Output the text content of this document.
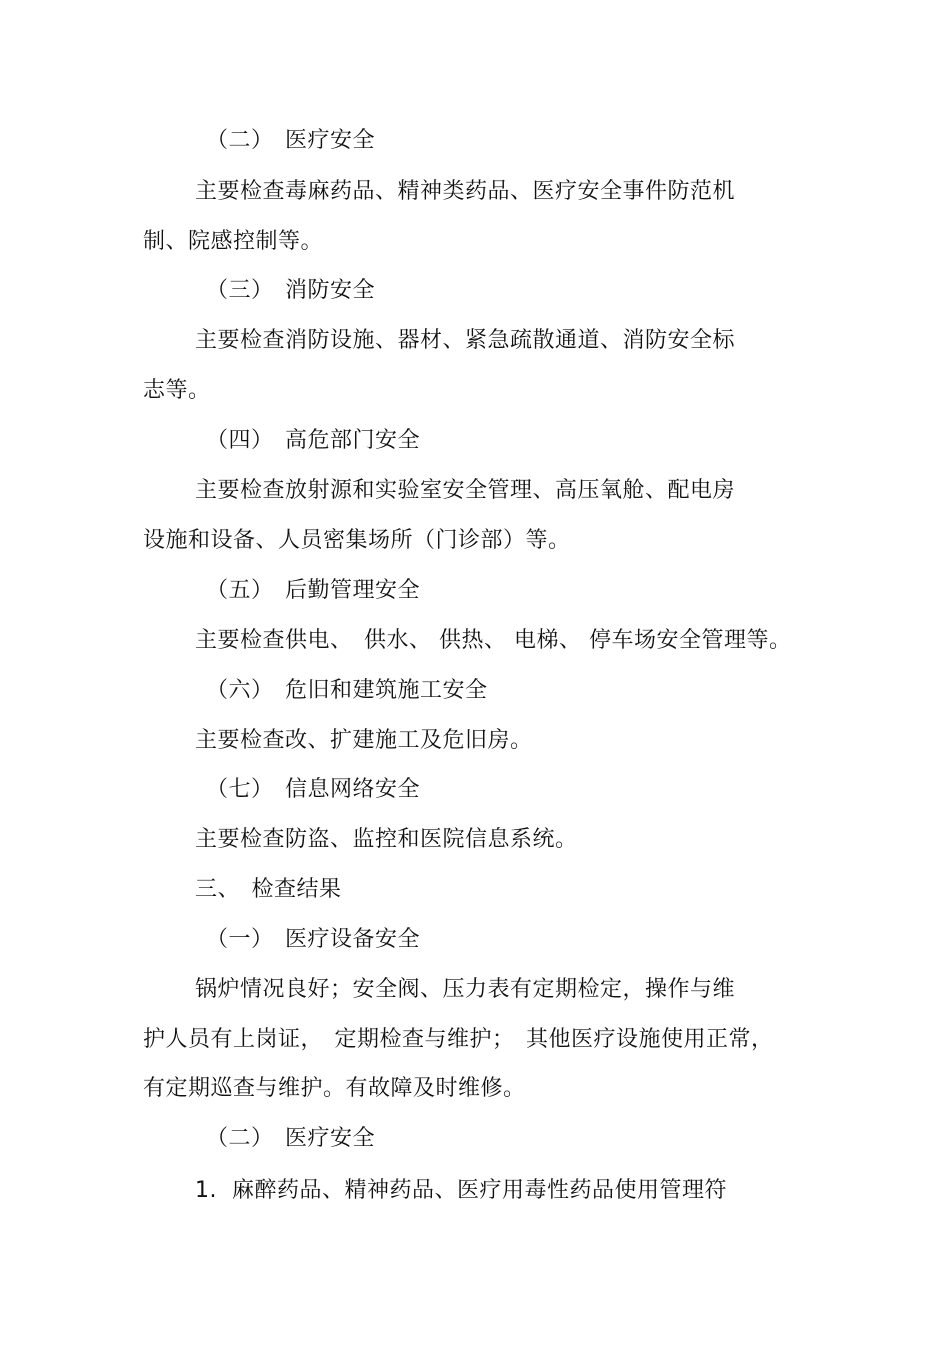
（二）　医疗安全
主要检查毒麻药品、精神类药品、医疗安全事件防范机
制、院感控制等。
（三）　消防安全
主要检查消防设施、器材、紧急疏散通道、消防安全标
志等。
（四）　高危部门安全
主要检查放射源和实验室安全管理、高压氧舱、配电房
设施和设备、人员密集场所（门诊部）等。
（五）　后勤管理安全
主要检查供电、　供水、 供热、 电梯、 停车场安全管理等。
（六）　危旧和建筑施工安全
主要检查改、扩建施工及危旧房。
（七）　信息网络安全
主要检查防盗、监控和医院信息系统。
三、　检查结果
（一）　医疗设备安全
锅炉情况良好；安全阀、压力表有定期检定，操作与维
护人员有上岗证，　定期检查与维护；　其他医疗设施使用正常，
有定期巡查与维护。有故障及时维修。
（二）　医疗安全
1.  麻醉药品、精神药品、医疗用毒性药品使用管理符
